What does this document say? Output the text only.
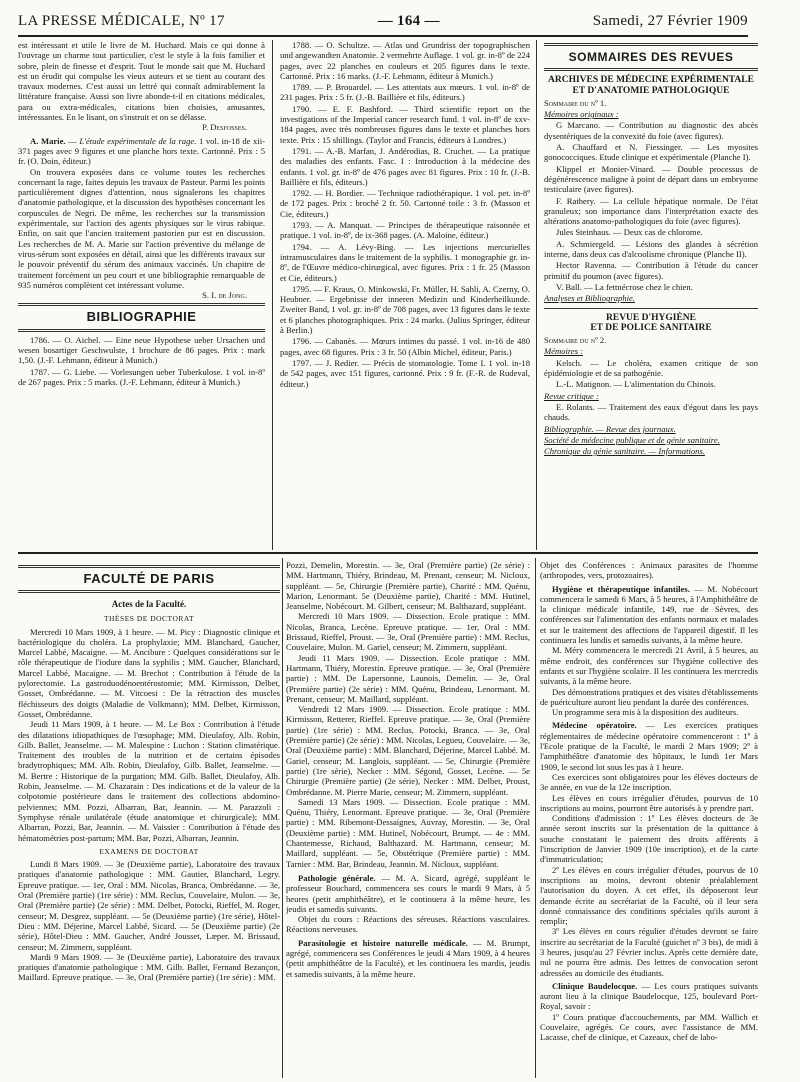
LA PRESSE MÉDICALE, Nº 17	— 164 —	Samedi, 27 Février 1909

est intéressant et utile le livre de M. Huchard. Mais ce qui donne à l'ouvrage un charme tout particulier, c'est le style à la fois familier et sobre, plein de finesse et d'esprit. Tout le monde sait que M. Huchard est un érudit qui compulse les vieux auteurs et se tient au courant des travaux modernes. C'est aussi un lettré qui connaît admirablement la littérature française. Aussi son livre abonde-t-il en citations médicales, para ou extra-médicales, citations bien choisies, amusantes, intéressantes. En le lisant, on s'instruit et on se délasse.

P. Desfosses.

A. Marie. — L'étude expérimentale de la rage. 1 vol. in-18 de xii-371 pages avec 9 figures et une planche hors texte. Cartonné. Prix : 5 fr. (O. Doin, éditeur.)

On trouvera exposées dans ce volume toutes les recherches concernant la rage, faites depuis les travaux de Pasteur. Parmi les points particulièrement dignes d'attention, nous signalerons les chapitres d'anatomie pathologique, et la discussion des hypothèses concernant les corpuscules de Negri. De même, les recherches sur la transmission expérimentale, sur l'action des agents physiques sur le virus rabique. Enfin, on sait que l'ancien traitement pastorien pur est en discussion. Les recherches de M. A. Marie sur l'action préventive du mélange de virus-sérum sont exposées en détail, ainsi que les différents travaux sur le pouvoir préventif du sérum des animaux vaccinés. Un chapitre de traitement forcément un peu court et une bibliographie remarquable de 935 numéros complètent cet intéressant volume.

S. I. de Jong.

BIBLIOGRAPHIE

1786. — O. Aichel. — Eine neue Hypothese ueber Ursachen und wesen bosartiger Geschwulste, 1 brochure de 86 pages. Prix : mark 1,50. (J.-F. Lehmann, éditeur à Munich.)

1787. — G. Liebe. — Vorlesungen ueber Tuberkulose. 1 vol. in-8º de 267 pages. Prix : 5 marks. (J.-F. Lehmann, éditeur à Munich.)

1788. — O. Schultze. — Atlas und Grundriss der topographischen und angewandten Anatomie. 2 vermehrte Auflage. 1 vol. gr. in-8º de 224 pages, avec 22 planches en couleurs et 205 figures dans le texte. Cartonné. Prix : 16 marks. (J.-F. Lehmann, éditeur à Munich.)

1789. — P. Brouardel. — Les attentats aux mœurs. 1 vol. in-8º de 231 pages. Prix : 5 fr. (J.-B. Baillière et fils, éditeurs.)

1790. — E. F. Bashford. — Third scientific report on the investigations of the Imperial cancer research fund. 1 vol. in-8º de xxv-184 pages, avec très nombreuses figures dans le texte et planches hors texte. Prix : 15 shillings. (Taylor and Francis, éditeurs à Londres.)

1791. — A.-B. Marfan, J. Andérodias, R. Cruchet. — La pratique des maladies des enfants. Fasc. I : Introduction à la médecine des enfants. 1 vol. gr. in-8º de 476 pages avec 81 figures. Prix : 10 fr. (J.-B. Baillière et fils, éditeurs.)

1792. — H. Bordier. — Technique radiothérapique. 1 vol. pet. in-8º de 172 pages. Prix : broché 2 fr. 50. Cartonné toile : 3 fr. (Masson et Cie, éditeurs.)

1793. — A. Manquat. — Principes de thérapeutique raisonnée et pratique. 1 vol. in-8º, de ix-368 pages. (A. Maloine, éditeur.)

1794. — A. Lévy-Bing. — Les injections mercurielles intramusculaires dans le traitement de la syphilis. 1 monographie gr. in-8º, de l'Œuvre médico-chirurgical, avec figures. Prix : 1 fr. 25 (Masson et Cie, éditeurs.)

1795. — F. Kraus, O. Minkowski, Fr. Müller, H. Sahli, A. Czerny, O. Heubner. — Ergebnisse der inneren Medizin und Kinderheilkunde. Zweiter Band, 1 vol. gr. in-8º de 708 pages, avec 13 figures dans le texte et 6 planches photographiques. Prix : 24 marks. (Julius Springer, éditeur à Berlin.)

1796. — Cabanès. — Mœurs intimes du passé. 1 vol. in-16 de 480 pages, avec 68 figures. Prix : 3 fr. 50 (Albin Michel, éditeur, Paris.)

1797. — J. Redier. — Précis de stomatologie. Tome I. 1 vol. in-18 de 542 pages, avec 151 figures, cartonné. Prix : 9 fr. (F.-R. de Rudeval, éditeur.)

SOMMAIRES DES REVUES
ARCHIVES DE MÉDECINE EXPÉRIMENTALE
ET D'ANATOMIE PATHOLOGIQUE

Sommaire du nº 1.

Mémoires originaux :

G Marcano. — Contribution au diagnostic des abcès dysentériques de la convexité du foie (avec figures).

A. Chauffard et N. Fiessinger. — Les myosites gonococciques. Etude clinique et expérimentale (Planche I).

Klippel et Monier-Vinard. — Double processus de dégénérescence maligne à point de départ dans un embryome testiculaire (avec figures).

F. Rathery. — La cellule hépatique normale. De l'état granuleux; son importance dans l'interprétation exacte des altérations anatomo-pathologiques du foie (avec figures).

Jules Steinhaus. — Deux cas de chlorome.

A. Schmiergeld. — Lésions des glandes à sécrétion interne, dans deux cas d'alcoolisme chronique (Planche II).

Hector Ravenna. — Contribution à l'étude du cancer primitif du poumon (avec figures).

V. Ball. — La fettnécrose chez le chien.

Analyses et Bibliographie.

REVUE D'HYGIÈNE
ET DE POLICE SANITAIRE

Sommaire du nº 2.

Mémoires :

Kelsch. — Le choléra, examen critique de son épidémiologie et de sa pathogénie.

L.-L. Matignon. — L'alimentation du Chinois.

Revue critique :

E. Rolants. — Traitement des eaux d'égout dans les pays chauds.

Bibliographie. — Revue des journaux.

Société de médecine publique et de génie sanitaire.

Chronique du génie sanitaire. — Informations.

FACULTÉ DE PARIS
Actes de la Faculté.
THÈSES DE DOCTORAT

Mercredi 10 Mars 1909, à 1 heure. — M. Picy : Diagnostic clinique et bactériologique du choléra. La prophylaxie; MM. Blanchard, Gaucher, Marcel Labbé, Macaigne. — M. Ancibure : Quelques considérations sur le rôle thérapeutique de l'iodure dans la syphilis ; MM. Gaucher, Blanchard, Marcel Labbé, Macaigne. — M. Brechot : Contribution à l'étude de la pylorectomie. La gastroduodénoentérostomie; MM. Kirmisson, Delbet, Gosset, Ombrédanne. — M. Vitcoesi : De la rétraction des muscles fléchisseurs des doigts (Maladie de Volkmann); MM. Delbet, Kirmisson, Gosset, Ombrédanne.

Jeudi 11 Mars 1909, à 1 heure. — M. Le Box : Contribution à l'étude des dilatations idiopathiques de l'œsophage; MM. Dieulafoy, Alb. Robin, Gilb. Ballet, Jeanselme. — M. Malespine : Luchon : Station climatérique. Traitement des troubles de la nutrition et de certains épisodes bradytrophiques; MM. Alb. Robin, Dieulafoy, Gilb. Ballet, Jeanselme. — M. Bertre : Historique de la purgation; MM. Gilb. Ballet, Dieulafoy, Alb. Robin, Jeanselme. — M. Chazarain : Des indications et de la valeur de la colpotomie postérieure dans le traitement des collections abdomino-pelviennes; MM. Pozzi, Albarran, Bar, Jeannin. — M. Parazzoli : Symphyse rénale unilatérale (étude anatomique et chirurgicale); MM. Albarran, Pozzi, Bar, Jeannin. — M. Vaissier : Contribution à l'étude des hématométries post-partum; MM. Bar, Pozzi, Albarran, Jeannin.

EXAMENS DE DOCTORAT

Lundi 8 Mars 1909. — 3e (Deuxième partie), Laboratoire des travaux pratiques d'anatomie pathologique : MM. Gautier, Blanchard, Legry. Epreuve pratique. — 1er, Oral : MM. Nicolas, Branca, Ombrédanne. — 3e, Oral (Première partie) (1re série) : MM. Reclus, Couvelaire, Mulon. — 3e, Oral (Première partie) (2e série) : MM. Delbet, Potocki, Rieffel, M. Roger, censeur; M. Desgrez, suppléant. — 5e (Deuxième partie) (1re série), Hôtel-Dieu : MM. Déjerine, Marcel Labbé, Sicard. — 5e (Deuxième partie) (2e série), Hôtel-Dieu : MM. Gaucher, André Jousset, Læper. M. Brissaud, censeur; M. Zimmern, suppléant.

Mardi 9 Mars 1909. — 3e (Deuxième partie), Laboratoire des travaux pratiques d'anatomie pathologique : MM. Gilb. Ballet, Fernand Bezançon, Maillard. Epreuve pratique. — 3e, Oral (Première partie) (1re série) : MM.

Pozzi, Demelin, Morestin. — 3e, Oral (Première partie) (2e série) : MM. Hartmann, Thiéry, Brindeau, M. Prenant, censeur; M. Nicloux, suppléant. — 5e, Chirurgie (Première partie), Charité : MM. Quénu, Marion, Lenormant. 5e (Deuxième partie), Charité : MM. Hutinel, Jeanselme, Nobécourt. M. Gilbert, censeur; M. Balthazard, suppléant.

Mercredi 10 Mars 1909. — Dissection. Ecole pratique : MM. Nicolas, Branca, Lecène. Epreuve pratique. — 1er, Oral : MM. Brissaud, Rieffel, Proust. — 3e, Oral (Première partie) : MM. Reclus, Couvelaire, Mulon. M. Gariel, censeur; M. Zimmern, suppléant.

Jeudi 11 Mars 1909. — Dissection. Ecole pratique : MM. Hartmann, Thiéry, Morestin. Epreuve pratique. — 3e, Oral (Première partie) : MM. De Lapersonne, Launois, Demelin. — 3e, Oral (Première partie) (2e série) : MM. Quénu, Brindeau, Lenormant. M. Prenant, censeur; M. Maillard, suppléant.

Vendredi 12 Mars 1909. — Dissection. Ecole pratique : MM. Kirmisson, Retterer, Rieffel. Epreuve pratique. — 3e, Oral (Première partie) (1re série) : MM. Reclus, Potocki, Branca. — 3e, Oral (Première partie) (2e série) : MM. Nicolas, Legueu, Couvelaire. — 3e, Oral (Deuxième partie) : MM. Blanchard, Déjerine, Marcel Labbé. M. Gariel, censeur; M. Langlois, suppléant. — 5e, Chirurgie (Première partie) (1re série), Necker : MM. Ségond, Gosset, Lecène. — 5e Chirurgie (Première partie) (2e série), Necker : MM. Delbet, Proust, Ombrédanne. M. Pierre Marie, censeur; M. Zimmern, suppléant.

Samedi 13 Mars 1909. — Dissection. Ecole pratique : MM. Quénu, Thiéry, Lenormant. Epreuve pratique. — 3e, Oral (Première partie) : MM. Ribemont-Dessaignes, Auvray, Morestin. — 3e, Oral (Deuxième partie) : MM. Hutinel, Nobécourt, Brumpt. — 4e : MM. Chantemesse, Richaud, Balthazard. M. Hartmann, censeur; M. Maillard, suppléant. — 5e, Obstétrique (Première partie) : MM. Tarnier : MM. Bar, Brindeau, Jeannin. M. Nicloux, suppléant.

Pathologie générale. — M. A. Sicard, agrégé, suppléant le professeur Bouchard, commencera ses cours le mardi 9 Mars, à 5 heures (petit amphithéâtre), et le continuera à la même heure, les jeudis et samedis suivants.

Objet du cours : Réactions des séreuses. Réactions vasculaires. Réactions nerveuses.

Parasitologie et histoire naturelle médicale. — M. Brumpt, agrégé, commencera ses Conférences le jeudi 4 Mars 1909, à 4 heures (petit amphithéâtre de la Faculté), et les continuera les mardis, jeudis et samedis suivants, à la même heure.

Objet des Conférences : Animaux parasites de l'homme (arthropodes, vers, protozoaires).

Hygiène et thérapeutique infantiles. — M. Nobécourt commencera le samedi 6 Mars, à 5 heures, à l'Amphithéâtre de la clinique médicale infantile, 149, rue de Sèvres, des conférences sur l'alimentation des enfants normaux et malades et sur le traitement des affections de l'appareil digestif. Il les continuera les lundis et samedis suivants, à la même heure.

M. Méry commencera le mercredi 21 Avril, à 5 heures, au même endroit, des conférences sur l'hygiène collective des enfants et sur l'hygiène scolaire. Il les continuera les mercredis suivants, à la même heure.

Des démonstrations pratiques et des visites d'établissements de puériculture auront lieu pendant la durée des conférences.

Un programme sera mis à la disposition des auditeurs.

Médecine opératoire. — Les exercices pratiques réglementaires de médecine opératoire commenceront : 1º à l'Ecole pratique de la Faculté, le mardi 2 Mars 1909; 2º à l'amphithéâtre d'anatomie des hôpitaux, le lundi 1er Mars 1909, le second lot sous les pas à 1 heure.

Ces exercices sont obligatoires pour les élèves docteurs de 3e année, en vue de la 12e inscription.

Les élèves en cours irrégulier d'études, pourvus de 10 inscriptions au moins, pourront être autorisés à y prendre part.

Conditions d'admission : 1º Les élèves docteurs de 3e année seront inscrits sur la présentation de la quittance à souche constatant le paiement des droits afférents à l'inscription de Janvier 1909 (10e inscription), et de la carte d'immatriculation;

2º Les élèves en cours irrégulier d'études, pourvus de 10 inscriptions au moins, devront obtenir préalablement l'autorisation du doyen. A cet effet, ils déposeront leur demande écrite au secrétariat de la Faculté, où il leur sera donné connaissance des conditions spéciales qu'ils auront à remplir;

3º Les élèves en cours régulier d'études devront se faire inscrire au secrétariat de la Faculté (guichet nº 3 bis), de midi à 3 heures, jusqu'au 27 Février inclus. Après cette dernière date, nul ne pourra être admis. Des lettres de convocation seront adressées au domicile des étudiants.

Clinique Baudelocque. — Les cours pratiques suivants auront lieu à la clinique Baudelocque, 125, boulevard Port-Royal, savoir :

1º Cours pratique d'accouchements, par MM. Wallich et Couvelaire, agrégés. Ce cours, avec l'assistance de MM. Lacasse, chef de clinique, et Cazeaux, chef de labo-
